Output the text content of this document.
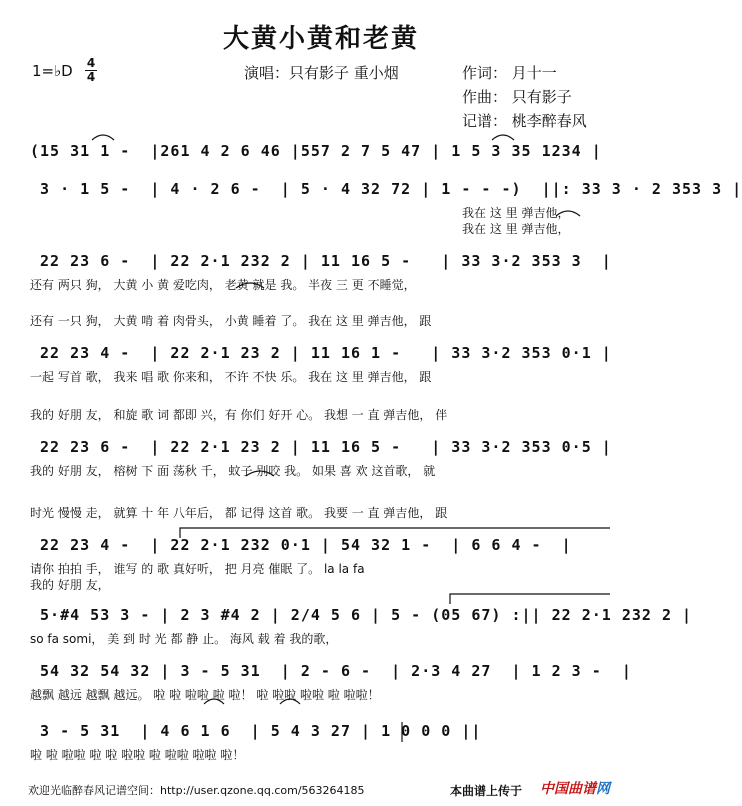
大黄小黄和老黄
1=♭D 4
4	演唱：只有影子 重小烟	作词： 月十一
作曲： 只有影子
记谱： 桃李醉春风
(15 31 1 -  |261 4 2 6 46 |557 2 7 5 47 | 1 5 3 35 1234 |
3 · 1 5 -  | 4 · 2 6 -  | 5 · 4 32 72 | 1 - - -)  ||: 33 3 · 2 353 3 |
我在 这 里 弹吉他，
我在 这 里 弹吉他，
22 23 6 -  | 22 2·1 232 2 | 11 16 5 -   | 33 3·2 353 3  |
还有 两只 狗， 大黄 小 黄 爱吃肉， 老黄 就是 我。 半夜 三 更 不睡觉，
还有 一只 狗， 大黄 啃 着 肉骨头， 小黄 睡着 了。 我在 这 里 弹吉他， 跟
22 23 4 -  | 22 2·1 23 2 | 11 16 1 -   | 33 3·2 353 0·1 |
一起 写首 歌， 我来 唱 歌 你来和， 不许 不快 乐。 我在 这 里 弹吉他， 跟
我的 好朋 友， 和旋 歌 词 都即 兴，有 你们 好开 心。 我想 一 直 弹吉他， 伴
22 23 6 -  | 22 2·1 23 2 | 11 16 5 -   | 33 3·2 353 0·5 |
我的 好朋 友， 榕树 下 面 荡秋 千， 蚊子 别咬 我。 如果 喜 欢 这首歌， 就
时光 慢慢 走， 就算 十 年 八年后， 都 记得 这首 歌。 我要 一 直 弹吉他， 跟
22 23 4 -  | 22 2·1 232 0·1 | 54 32 1 -  | 6 6 4 -  |
请你 拍拍 手， 谁写 的 歌 真好听， 把 月亮 催眠 了。 la la fa
我的 好朋 友，
5·#4 53 3 - | 2 3 #4 2 | 2/4 5 6 | 5 - (05 67) :|| 22 2·1 232 2 |
so fa somi， 美 到 时 光 都 静 止。 海风 载 着 我的歌，
54 32 54 32 | 3 - 5 31  | 2 - 6 -  | 2·3 4 27  | 1 2 3 -  |
越飘 越远 越飘 越远。 啦 啦 啦啦 啦 啦！ 啦 啦啦 啦啦 啦 啦啦！
3 - 5 31  | 4 6 1 6  | 5 4 3 27 | 1 0 0 0 ||
啦 啦 啦啦 啦 啦 啦啦 啦 啦啦 啦啦 啦！
欢迎光临醉春风记谱空间：http://user.qzone.qq.com/563264185	本曲谱上传于 中国曲谱网
